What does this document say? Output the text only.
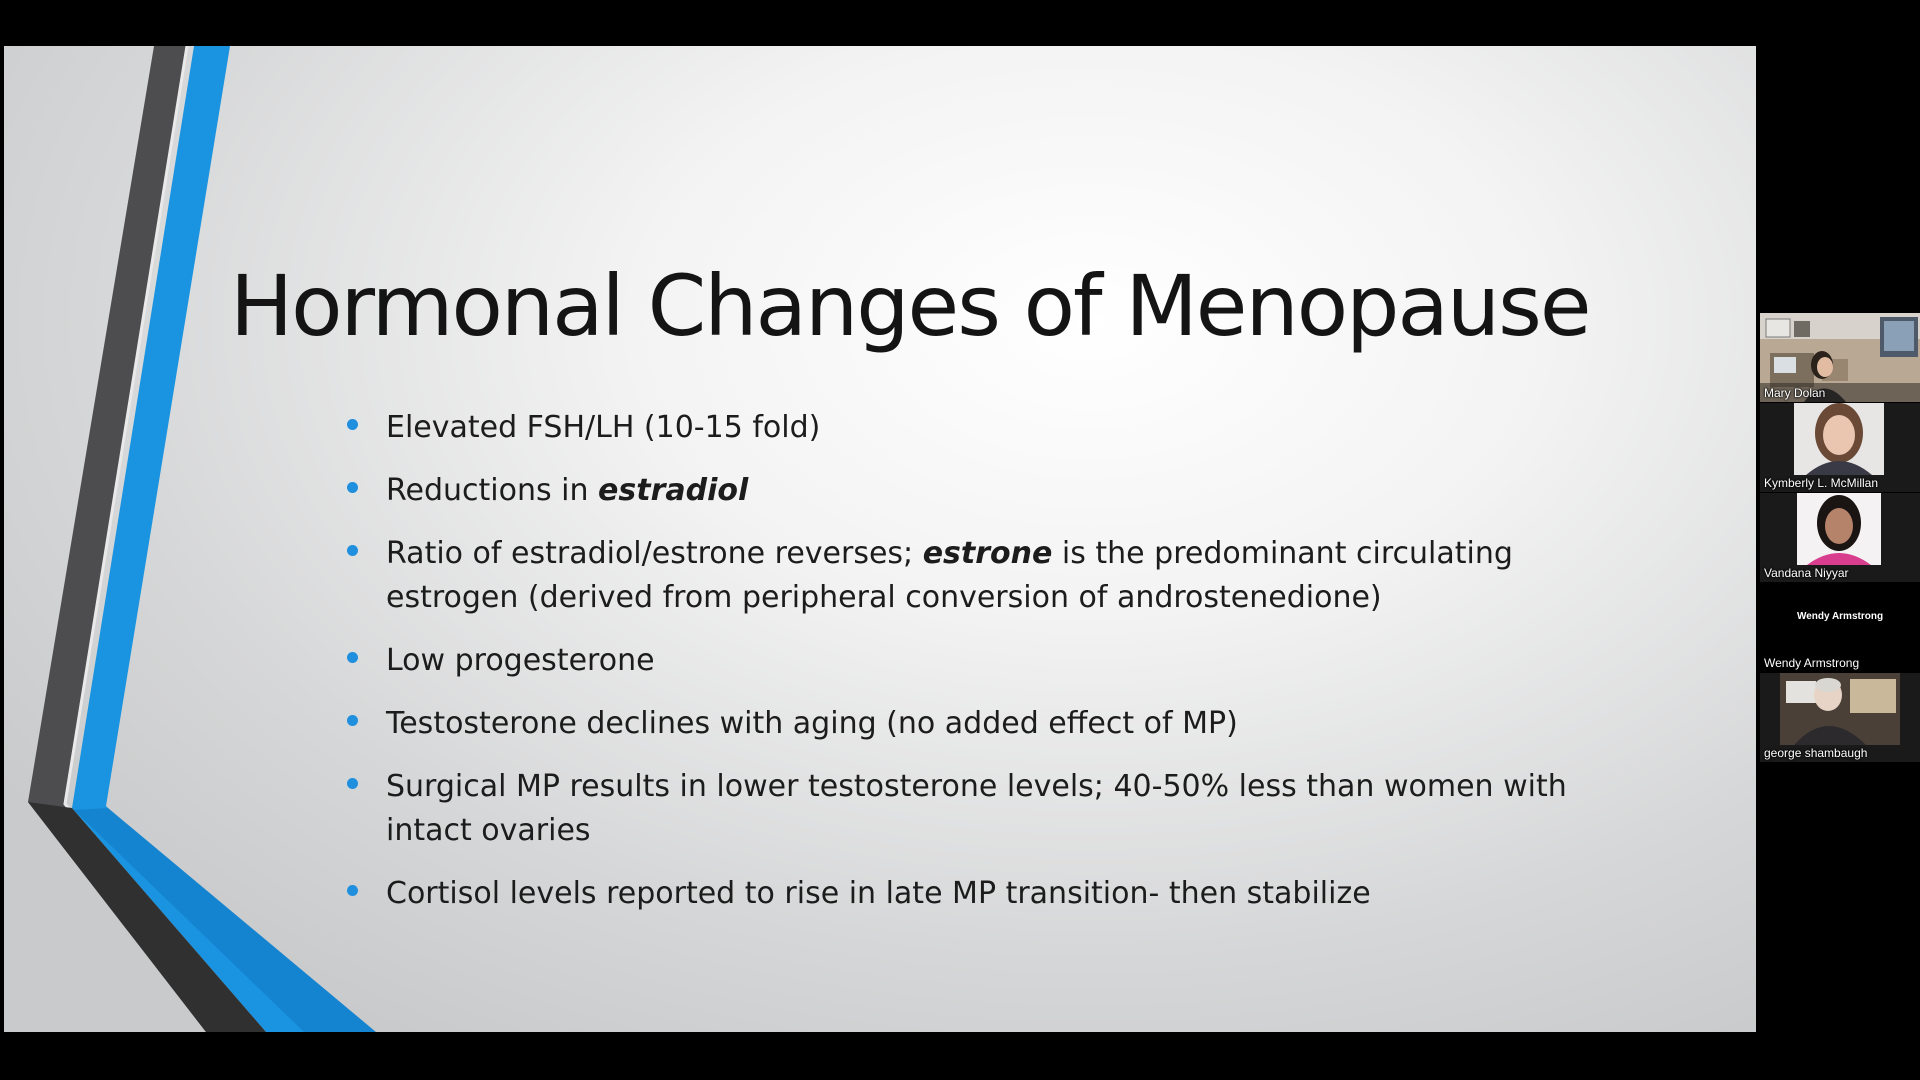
Hormonal Changes of Menopause
Elevated FSH/LH (10-15 fold)
Reductions in estradiol
Ratio of estradiol/estrone reverses; estrone is the predominant circulating estrogen (derived from peripheral conversion of androstenedione)
Low progesterone
Testosterone declines with aging (no added effect of MP)
Surgical MP results in lower testosterone levels; 40-50% less than women with intact ovaries
Cortisol levels reported to rise in late MP transition- then stabilize
Mary Dolan
Kymberly L. McMillan
Vandana Niyyar
Wendy Armstrong
Wendy Armstrong
george shambaugh
